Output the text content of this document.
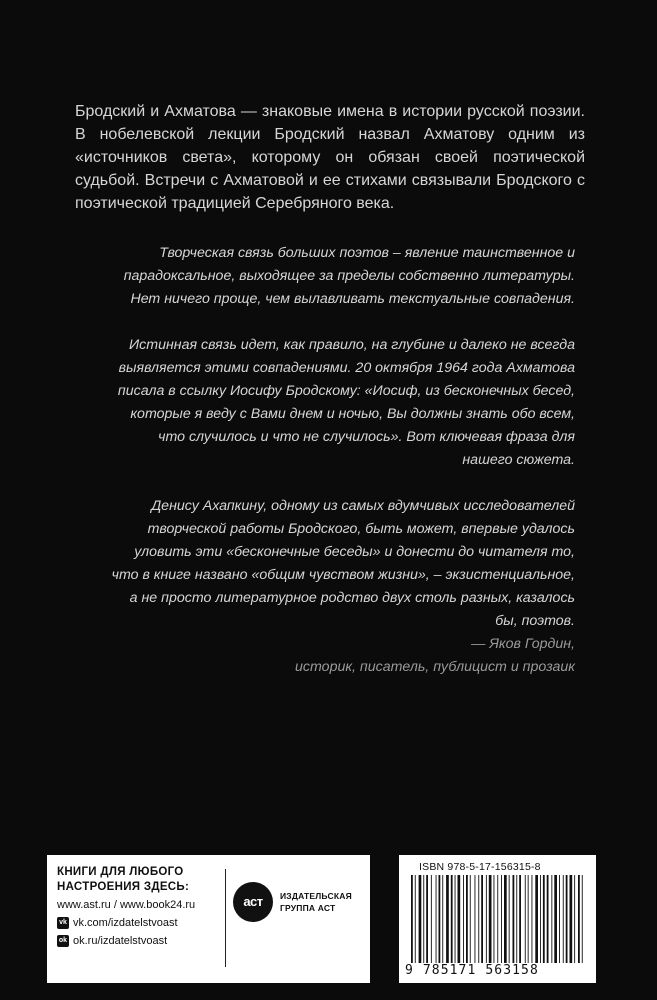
Бродский и Ахматова — знаковые имена в истории русской поэзии. В нобелевской лекции Бродский назвал Ахматову одним из «источников света», которому он обязан своей поэтической судьбой. Встречи с Ахматовой и ее стихами связывали Бродского с поэтической традицией Серебряного века.

Творческая связь больших поэтов – явление таинственное и парадоксальное, выходящее за пределы собственно литературы. Нет ничего проще, чем вылавливать текстуальные совпадения.

Истинная связь идет, как правило, на глубине и далеко не всегда выявляется этими совпадениями. 20 октября 1964 года Ахматова писала в ссылку Иосифу Бродскому: «Иосиф, из бесконечных бесед, которые я веду с Вами днем и ночью, Вы должны знать обо всем, что случилось и что не случилось». Вот ключевая фраза для нашего сюжета.

Денису Ахапкину, одному из самых вдумчивых исследователей творческой работы Бродского, быть может, впервые удалось уловить эти «бесконечные беседы» и донести до читателя то, что в книге названо «общим чувством жизни», – экзистенциальное, а не просто литературное родство двух столь разных, казалось бы, поэтов.

— Яков Гордин,
историк, писатель, публицист и прозаик

КНИГИ ДЛЯ ЛЮБОГО
НАСТРОЕНИЯ ЗДЕСЬ:
www.ast.ru / www.book24.ru
vk vk.com/izdatelstvoast
ok ok.ru/izdatelstvoast
аст	ИЗДАТЕЛЬСКАЯ
ГРУППА АСТ
ISBN 978-5-17-156315-8
9 785171 563158
